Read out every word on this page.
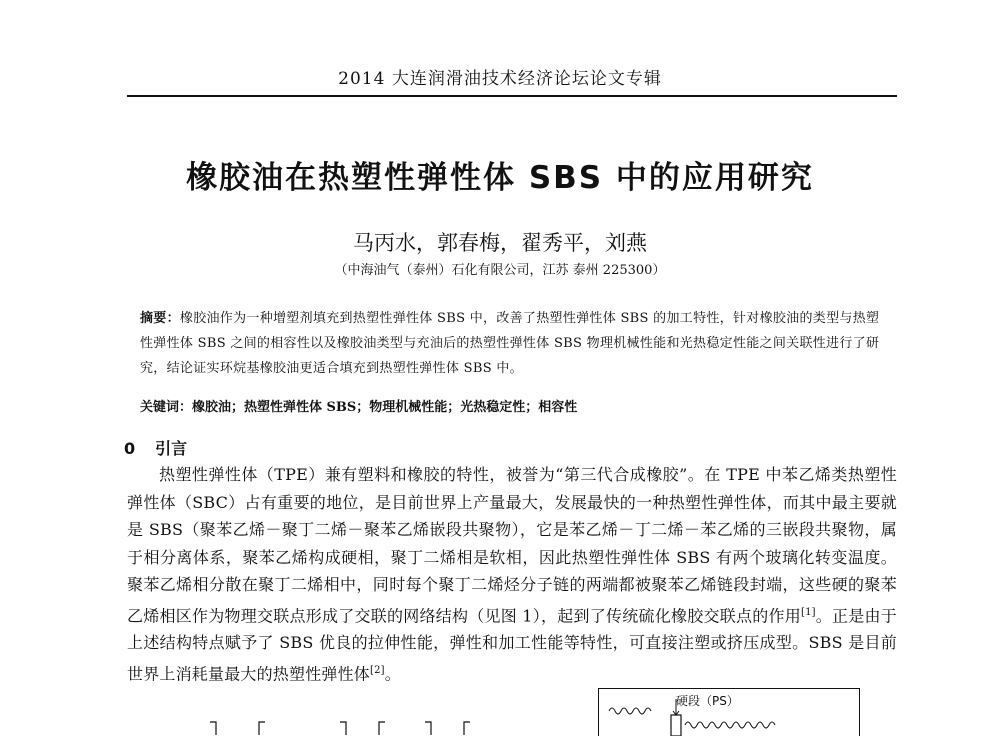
2014 大连润滑油技术经济论坛论文专辑
橡胶油在热塑性弹性体 SBS 中的应用研究
马丙水，郭春梅，翟秀平，刘燕
（中海油气（泰州）石化有限公司，江苏 泰州 225300）
摘要：橡胶油作为一种增塑剂填充到热塑性弹性体 SBS 中，改善了热塑性弹性体 SBS 的加工特性，针对橡胶油的类型与热塑性弹性体 SBS 之间的相容性以及橡胶油类型与充油后的热塑性弹性体 SBS 物理机械性能和光热稳定性能之间关联性进行了研究，结论证实环烷基橡胶油更适合填充到热塑性弹性体 SBS 中。
关键词：橡胶油；热塑性弹性体 SBS；物理机械性能；光热稳定性；相容性
0 引言

热塑性弹性体（TPE）兼有塑料和橡胶的特性，被誉为“第三代合成橡胶”。在 TPE 中苯乙烯类热塑性弹性体（SBC）占有重要的地位，是目前世界上产量最大，发展最快的一种热塑性弹性体，而其中最主要就是 SBS（聚苯乙烯－聚丁二烯－聚苯乙烯嵌段共聚物），它是苯乙烯－丁二烯－苯乙烯的三嵌段共聚物，属于相分离体系，聚苯乙烯构成硬相，聚丁二烯相是软相，因此热塑性弹性体 SBS 有两个玻璃化转变温度。聚苯乙烯相分散在聚丁二烯相中，同时每个聚丁二烯烃分子链的两端都被聚苯乙烯链段封端，这些硬的聚苯乙烯相区作为物理交联点形成了交联的网络结构（见图 1），起到了传统硫化橡胶交联点的作用[1]。正是由于上述结构特点赋予了 SBS 优良的拉伸性能，弹性和加工性能等特性，可直接注塑或挤压成型。SBS 是目前世界上消耗量最大的热塑性弹性体[2]。

硬段（PS）
